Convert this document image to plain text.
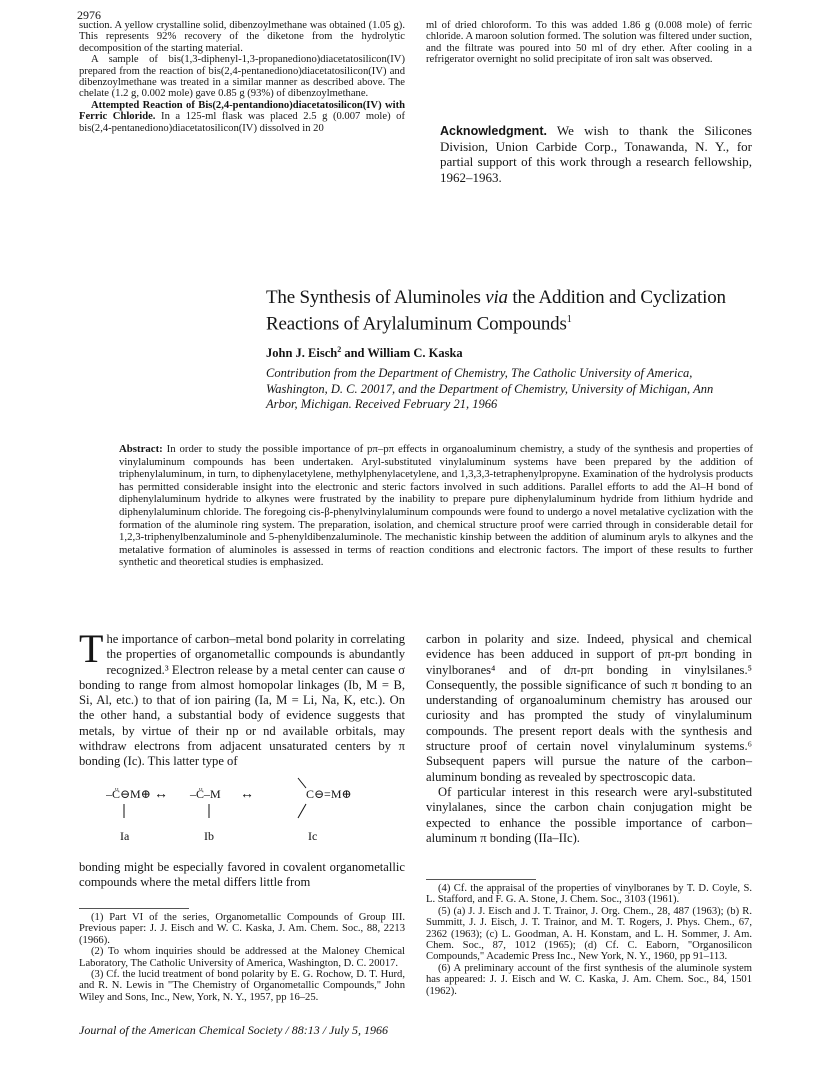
2976

suction. A yellow crystalline solid, dibenzoylmethane was obtained (1.05 g). This represents 92% recovery of the diketone from the hydrolytic decomposition of the starting material.

A sample of bis(1,3-diphenyl-1,3-propanediono)diacetatosilicon(IV) prepared from the reaction of bis(2,4-pentanediono)diacetatosilicon(IV) and dibenzoylmethane was treated in a similar manner as described above. The chelate (1.2 g, 0.002 mole) gave 0.85 g (93%) of dibenzoylmethane.

Attempted Reaction of Bis(2,4-pentandiono)diacetatosilicon(IV) with Ferric Chloride. In a 125-ml flask was placed 2.5 g (0.007 mole) of bis(2,4-pentanediono)diacetatosilicon(IV) dissolved in 20

ml of dried chloroform. To this was added 1.86 g (0.008 mole) of ferric chloride. A maroon solution formed. The solution was filtered under suction, and the filtrate was poured into 50 ml of dry ether. After cooling in a refrigerator overnight no solid precipitate of iron salt was observed.

Acknowledgment. We wish to thank the Silicones Division, Union Carbide Corp., Tonawanda, N. Y., for partial support of this work through a research fellowship, 1962–1963.
The Synthesis of Aluminoles via the Addition and Cyclization Reactions of Arylaluminum Compounds$^1$
John J. Eisch$^2$ and William C. Kaska
Contribution from the Department of Chemistry, The Catholic University of America, Washington, D. C. 20017, and the Department of Chemistry, University of Michigan, Ann Arbor, Michigan. Received February 21, 1966
Abstract: In order to study the possible importance of pπ–pπ effects in organoaluminum chemistry, a study of the synthesis and properties of vinylaluminum compounds has been undertaken. Aryl-substituted vinylaluminum systems have been prepared by the addition of triphenylaluminum, in turn, to diphenylacetylene, methylphenylacetylene, and 1,3,3,3-tetraphenylpropyne. Examination of the hydrolysis products has permitted considerable insight into the electronic and steric factors involved in such additions. Parallel efforts to add the Al–H bond of diphenylaluminum hydride to alkynes were frustrated by the inability to prepare pure diphenylaluminum hydride from lithium hydride and diphenylaluminum chloride. The foregoing cis-β-phenylvinylaluminum compounds were found to undergo a novel metalative cyclization with the formation of the aluminole ring system. The preparation, isolation, and chemical structure proof were carried through in considerable detail for 1,2,3-triphenylbenzaluminole and 5-phenyldibenzaluminole. The mechanistic kinship between the addition of aluminum aryls to alkynes and the metalative formation of aluminoles is assessed in terms of reaction conditions and electronic factors. The import of these results to further synthetic and theoretical studies is emphasized.
The importance of carbon–metal bond polarity in correlating the properties of organometallic compounds is abundantly recognized.³ Electron release by a metal center can cause σ bonding to range from almost homopolar linkages (Ib, M = B, Si, Al, etc.) to that of ion pairing (Ia, M = Li, Na, K, etc.). On the other hand, a substantial body of evidence suggests that metals, by virtue of their np or nd available orbitals, may withdraw electrons from adjacent unsaturated centers by π bonding (Ic). This latter type of
–C̈⊖M⊕ ↔ –C̈–M ↔	C⊖=M⊕
Ia	Ib	Ic
bonding might be especially favored in covalent organometallic compounds where the metal differs little from

carbon in polarity and size. Indeed, physical and chemical evidence has been adduced in support of pπ-pπ bonding in vinylboranes⁴ and of dπ-pπ bonding in vinylsilanes.⁵ Consequently, the possible significance of such π bonding to an understanding of organoaluminum chemistry has aroused our curiosity and has prompted the study of vinylaluminum compounds. The present report deals with the synthesis and structure proof of certain novel vinylaluminum systems.⁶ Subsequent papers will pursue the nature of the carbon–aluminum bonding as revealed by spectroscopic data.

Of particular interest in this research were aryl-substituted vinylalanes, since the carbon chain conjugation might be expected to enhance the possible importance of carbon–aluminum π bonding (IIa–IIc).

(1) Part VI of the series, Organometallic Compounds of Group III. Previous paper: J. J. Eisch and W. C. Kaska, J. Am. Chem. Soc., 88, 2213 (1966).

(2) To whom inquiries should be addressed at the Maloney Chemical Laboratory, The Catholic University of America, Washington, D. C. 20017.

(3) Cf. the lucid treatment of bond polarity by E. G. Rochow, D. T. Hurd, and R. N. Lewis in "The Chemistry of Organometallic Compounds," John Wiley and Sons, Inc., New, York, N. Y., 1957, pp 16–25.

(4) Cf. the appraisal of the properties of vinylboranes by T. D. Coyle, S. L. Stafford, and F. G. A. Stone, J. Chem. Soc., 3103 (1961).

(5) (a) J. J. Eisch and J. T. Trainor, J. Org. Chem., 28, 487 (1963); (b) R. Summitt, J. J. Eisch, J. T. Trainor, and M. T. Rogers, J. Phys. Chem., 67, 2362 (1963); (c) L. Goodman, A. H. Konstam, and L. H. Sommer, J. Am. Chem. Soc., 87, 1012 (1965); (d) Cf. C. Eaborn, "Organosilicon Compounds," Academic Press Inc., New York, N. Y., 1960, pp 91–113.

(6) A preliminary account of the first synthesis of the aluminole system has appeared: J. J. Eisch and W. C. Kaska, J. Am. Chem. Soc., 84, 1501 (1962).

Journal of the American Chemical Society / 88:13 / July 5, 1966
